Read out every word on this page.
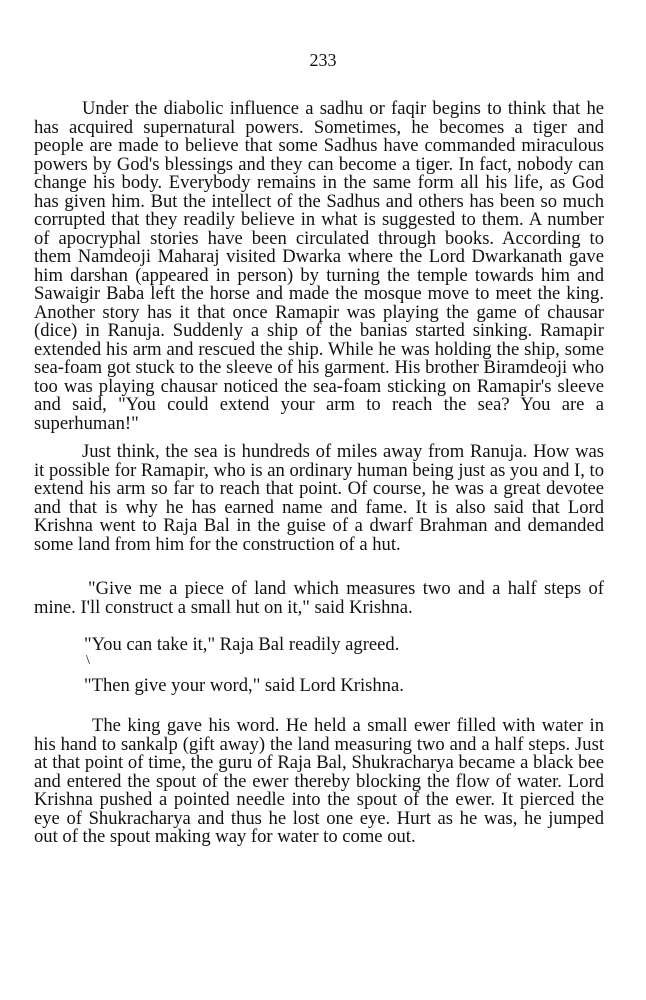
233
\

Under the diabolic influence a sadhu or faqir begins to think that he has acquired supernatural powers. Sometimes, he becomes a tiger and people are made to believe that some Sadhus have commanded miraculous powers by God's blessings and they can become a tiger. In fact, nobody can change his body. Everybody remains in the same form all his life, as God has given him. But the intellect of the Sadhus and others has been so much corrupted that they readily believe in what is suggested to them. A number of apocryphal stories have been circulated through books. According to them Namdeoji Maharaj visited Dwarka where the Lord Dwarkanath gave him darshan (appeared in person) by turning the temple towards him and Sawaigir Baba left the horse and made the mosque move to meet the king. Another story has it that once Ramapir was playing the game of chausar (dice) in Ranuja. Suddenly a ship of the banias started sinking. Ramapir extended his arm and rescued the ship. While he was holding the ship, some sea-foam got stuck to the sleeve of his garment. His brother Biramdeoji who too was playing chausar noticed the sea-foam sticking on Ramapir's sleeve and said, "You could extend your arm to reach the sea? You are a superhuman!"

Just think, the sea is hundreds of miles away from Ranuja. How was it possible for Ramapir, who is an ordinary human being just as you and I, to extend his arm so far to reach that point. Of course, he was a great devotee and that is why he has earned name and fame. It is also said that Lord Krishna went to Raja Bal in the guise of a dwarf Brahman and demanded some land from him for the construction of a hut.

"Give me a piece of land which measures two and a half steps of mine. I'll construct a small hut on it," said Krishna.

"You can take it," Raja Bal readily agreed.

"Then give your word," said Lord Krishna.

The king gave his word. He held a small ewer filled with water in his hand to sankalp (gift away) the land measuring two and a half steps. Just at that point of time, the guru of Raja Bal, Shukracharya became a black bee and entered the spout of the ewer thereby blocking the flow of water. Lord Krishna pushed a pointed needle into the spout of the ewer. It pierced the eye of Shukracharya and thus he lost one eye. Hurt as he was, he jumped out of the spout making way for water to come out.
